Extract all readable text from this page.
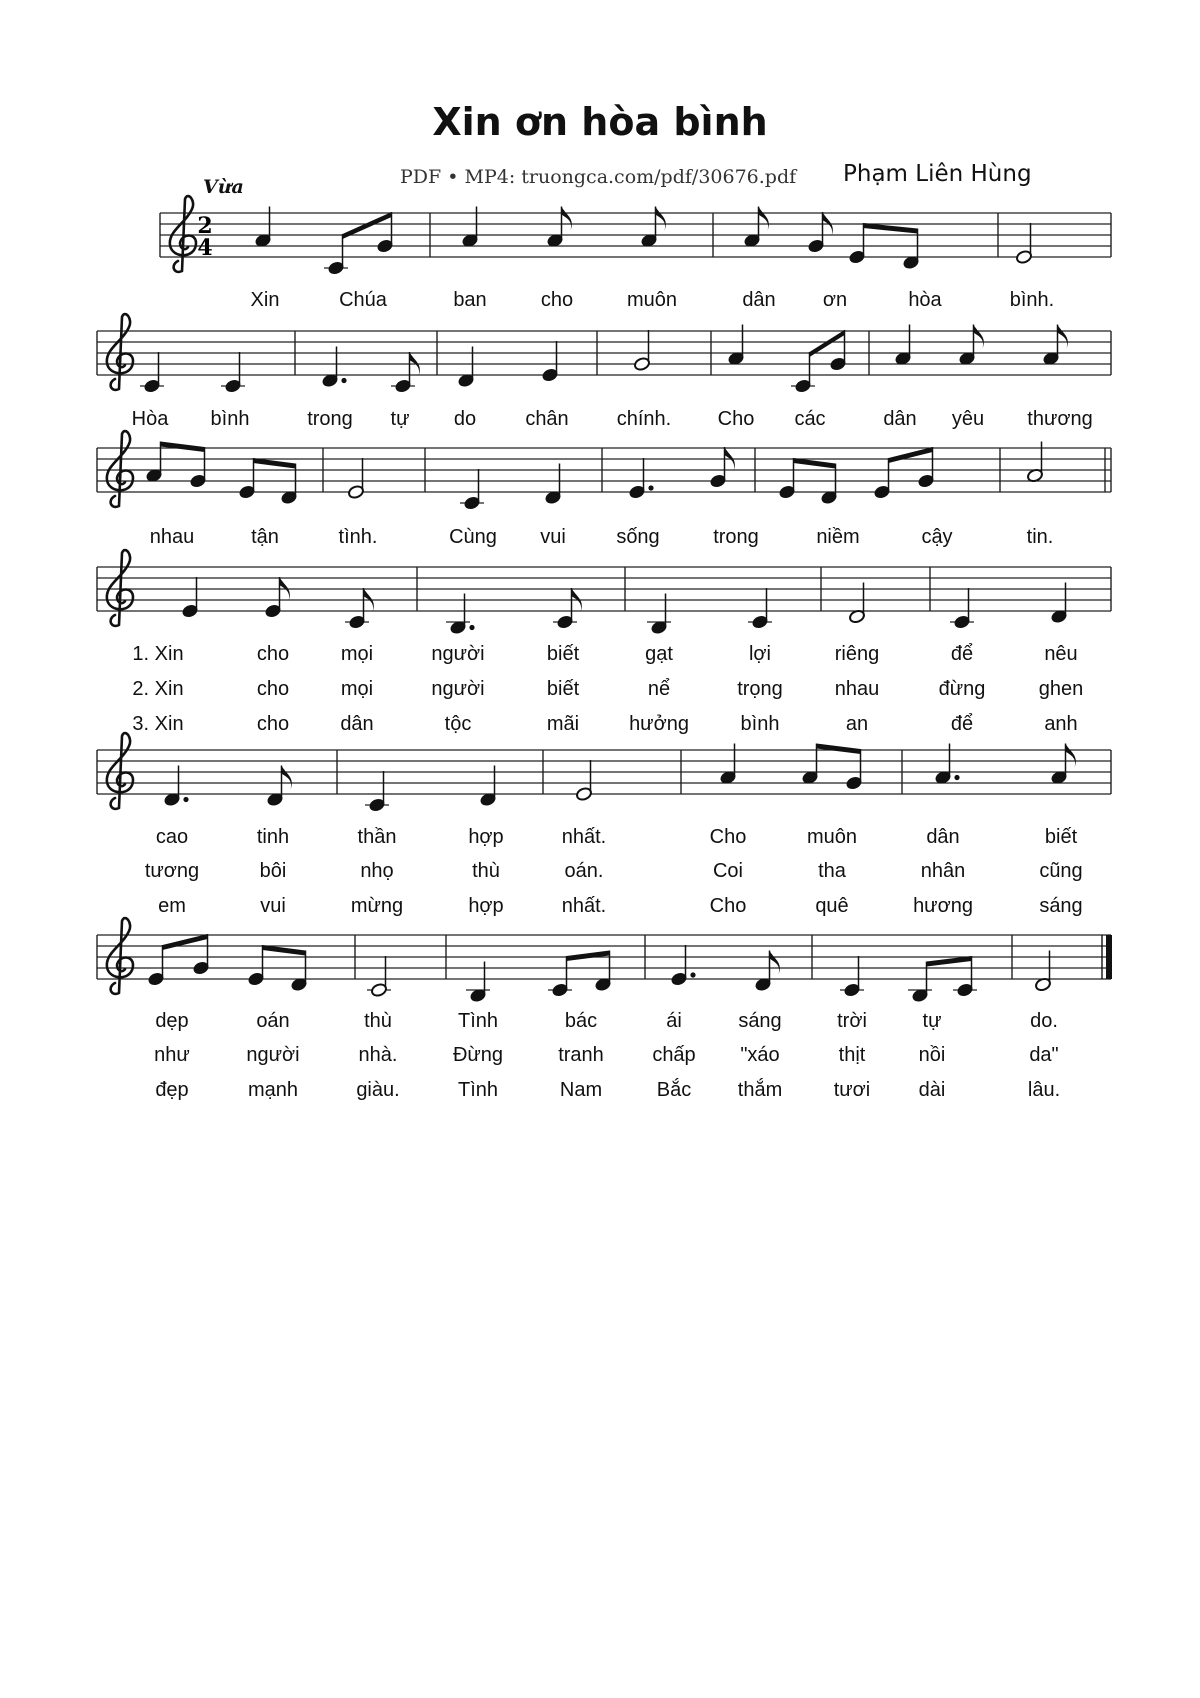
Xin ơn hòa bình
PDF • MP4: truongca.com/pdf/30676.pdf Phạm Liên Hùng
Vừa
2
4
Xin	Chúa	ban	cho	muôn	dân ơn	hòa	bình.
Hòa bình	trong tự do chân chính. Cho các	dân yêu thương
nhau	tận	tình.	Cùng vui	sống	trong	niềm	cậy	tin.
1. Xin	cho	mọi	người	biết	gạt	lợi	riêng	để	nêu
2. Xin	cho	mọi	người	biết	nể	trọng	nhau	đừng	ghen
3. Xin	cho	dân	tộc	mãi hưởng	bình	an	để	anh
cao	tinh	thần	hợp	nhất.	Cho	muôn	dân	biết
tương	bôi	nhọ	thù	oán.	Coi	tha	nhân	cũng
em	vui	mừng	hợp	nhất.	Cho	quê	hương	sáng
dẹp	oán	thù	Tình	bác	ái	sáng	trời	tự	do.
như	người	nhà.	Đừng	tranh chấp "xáo	thịt	nồi	da"
đẹp	mạnh	giàu.	Tình	Nam	Bắc thắm	tươi dài	lâu.
